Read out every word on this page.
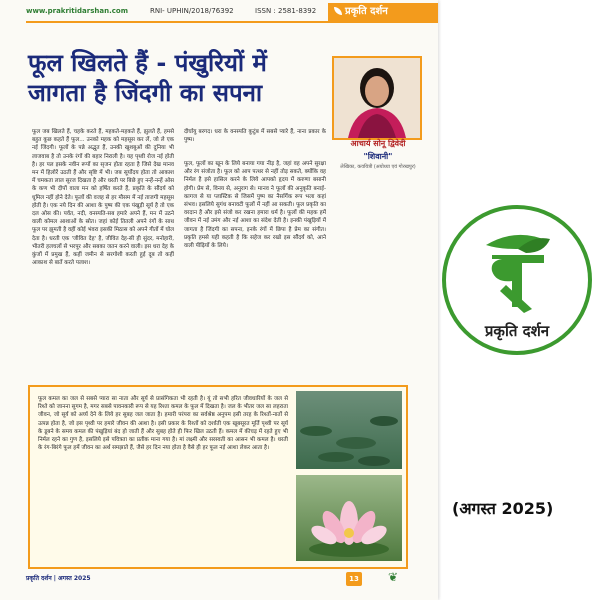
www.prakritidarshan.com	RNI- UPHIN/2018/76392	ISSN : 2581-8392	प्रकृति दर्शन
फूल खिलते हैं - पंखुरियों में जागता है जिंदगी का सपना
आचार्य सोनू द्विवेदी
"शिवानी"
लेखिका, कवयित्री (अयोध्या एवं गोरखपुर)

फूल जब खिलते हैं, चहके करते हैं, महकते-महकते हैं, झुलते हैं, हमसे बहुत कुछ कहते हैं फूल... उनको महक को महसूस कर लें, जो ले एक नई जिंदगी। फूलों के पन्ने अद्भुत हैं, उनकी खुशबुओं की दुनिया भी लाजवाब है तो उनके रंगों की बहार निराली है। यह पृथ्वी रोज नई होती है। हर पल इसके नवीन रूपों का सृजन होता रहता है जिसे देख मानव मन में हिलोरें उठती हैं और सृष्टि में भी। जब सूर्योदय होता तो आकाश में चमकता लाल सूरज दिखता है और धरती पर बिछे हुए नन्हें-नन्हें ओस के कण भी दीपों वाला मन को हर्षित करते हैं, प्रकृति के सौंदर्य को धूमिल नहीं होने देते। फूलों की वजह से हर मौसम में नई ताजगी महसूस होती है। एक नये दिन की आशा के पुष्प की एक पंखुड़ी सूर्य है तो एक दल ओस की। पर्वत, नदी, वनस्पति-सब हमारे अपने हैं, मन में उठने वाली कोमल आशाओं के स्रोत। जहां कोई तितली अपने रंगों के साथ फूल पर झूमती है वहीं कोई भंवरा इसकी मिठास को अपने गीतों में घोल देता है। धरती एक 'जीवित देह' है, जीवित देह-सी ही सुंदर, मनोहारी, भीतरी हलचलों से भरपूर और सबका जतन करने वाली। इस धरा देह के कुंजों में प्रमुख हैं, कहीं जमीन से सरगोशी करती हुई दूब तो कहीं आकाश से बातें करते पलाश।

दीर्घायु बरगद। धरा के वनस्पति कुटुंब में सबसे प्यारे हैं, नाना प्रकार के पुष्प।

फूल, फूलों का खून के लिये बनाया गया नीड़ है, जहां वह अपने सुरक्षा और रंग संजोता है। फूल को आप पत्थर से नहीं तोड़ सकते, क्योंकि वह निर्मल है इसे हासिल करने के लिये आपको हृदय में करुणा बसानी होगी। प्रेम से, विनय से, अनुराग से। मानव ने फूलों की अनुकृति बनाई-कागज से या प्लास्टिक से जिसमें पुष्प का नैसर्गिक रूप भला कहां संभव। इसलिये सुगंध बनावटी फूलों में नहीं आ सकती। फूल प्रकृति का वरदान है और इसे संजो कर रखना हमारा धर्म है। फूलों की महक हमें जीवन में नई उमंग और नई आशा का संदेश देती है। इनकी पंखुड़ियों में जागता है जिंदगी का सपना, इनके रंगों में छिपा है प्रेम का संगीत। प्रकृति हमसे यही कहती है कि सहेज कर रखो इस सौंदर्य को, आने वाली पीढ़ियों के लिये।

फूल कमल का जल से सबसे प्यारा सा नाता और सूर्य से प्रासंगिकता भी रहती है। यूं तो सभी हरित जीवधारियों के जल से रिश्ते को जानना सुगम है, मगर सबसे पावनकारी रूप से यह रिश्ता कमल के फूल में दिखता है। जल के भीतर जल सा लहराता जीवन, जो सूर्य को अर्घ्य देने के लिये हर सुबह जल जाता है। हमारी परंपरा का सर्वश्रेष्ठ अनुपम इसी तरह के रिश्तों-नातों से उत्पन्न होता है, जो इस पृथ्वी पर हमारे जीवन की आशा है। इसी प्रकार के रिश्तों को दर्शाती एक खूबसूरत मूर्ति पृथ्वी पर सूर्य के डूबने के समय कमल की पंखुड़ियां बंद हो जाती हैं और सुबह होते ही फिर खिल उठती हैं। कमल में कीचड़ में रहते हुए भी निर्मल रहने का गुण है, इसलिये इसे पवित्रता का प्रतीक माना गया है। मां लक्ष्मी और सरस्वती का आसन भी कमल है। धरती के रंग-बिरंगे फूल हमें जीवन का अर्थ समझाते हैं, जैसे हर दिन नया होता है वैसे ही हर फूल नई आशा लेकर आता है।
प्रकृति दर्शन | अगस्त 2025	13 ❦
प्रकृति दर्शन
(अगस्त 2025)
